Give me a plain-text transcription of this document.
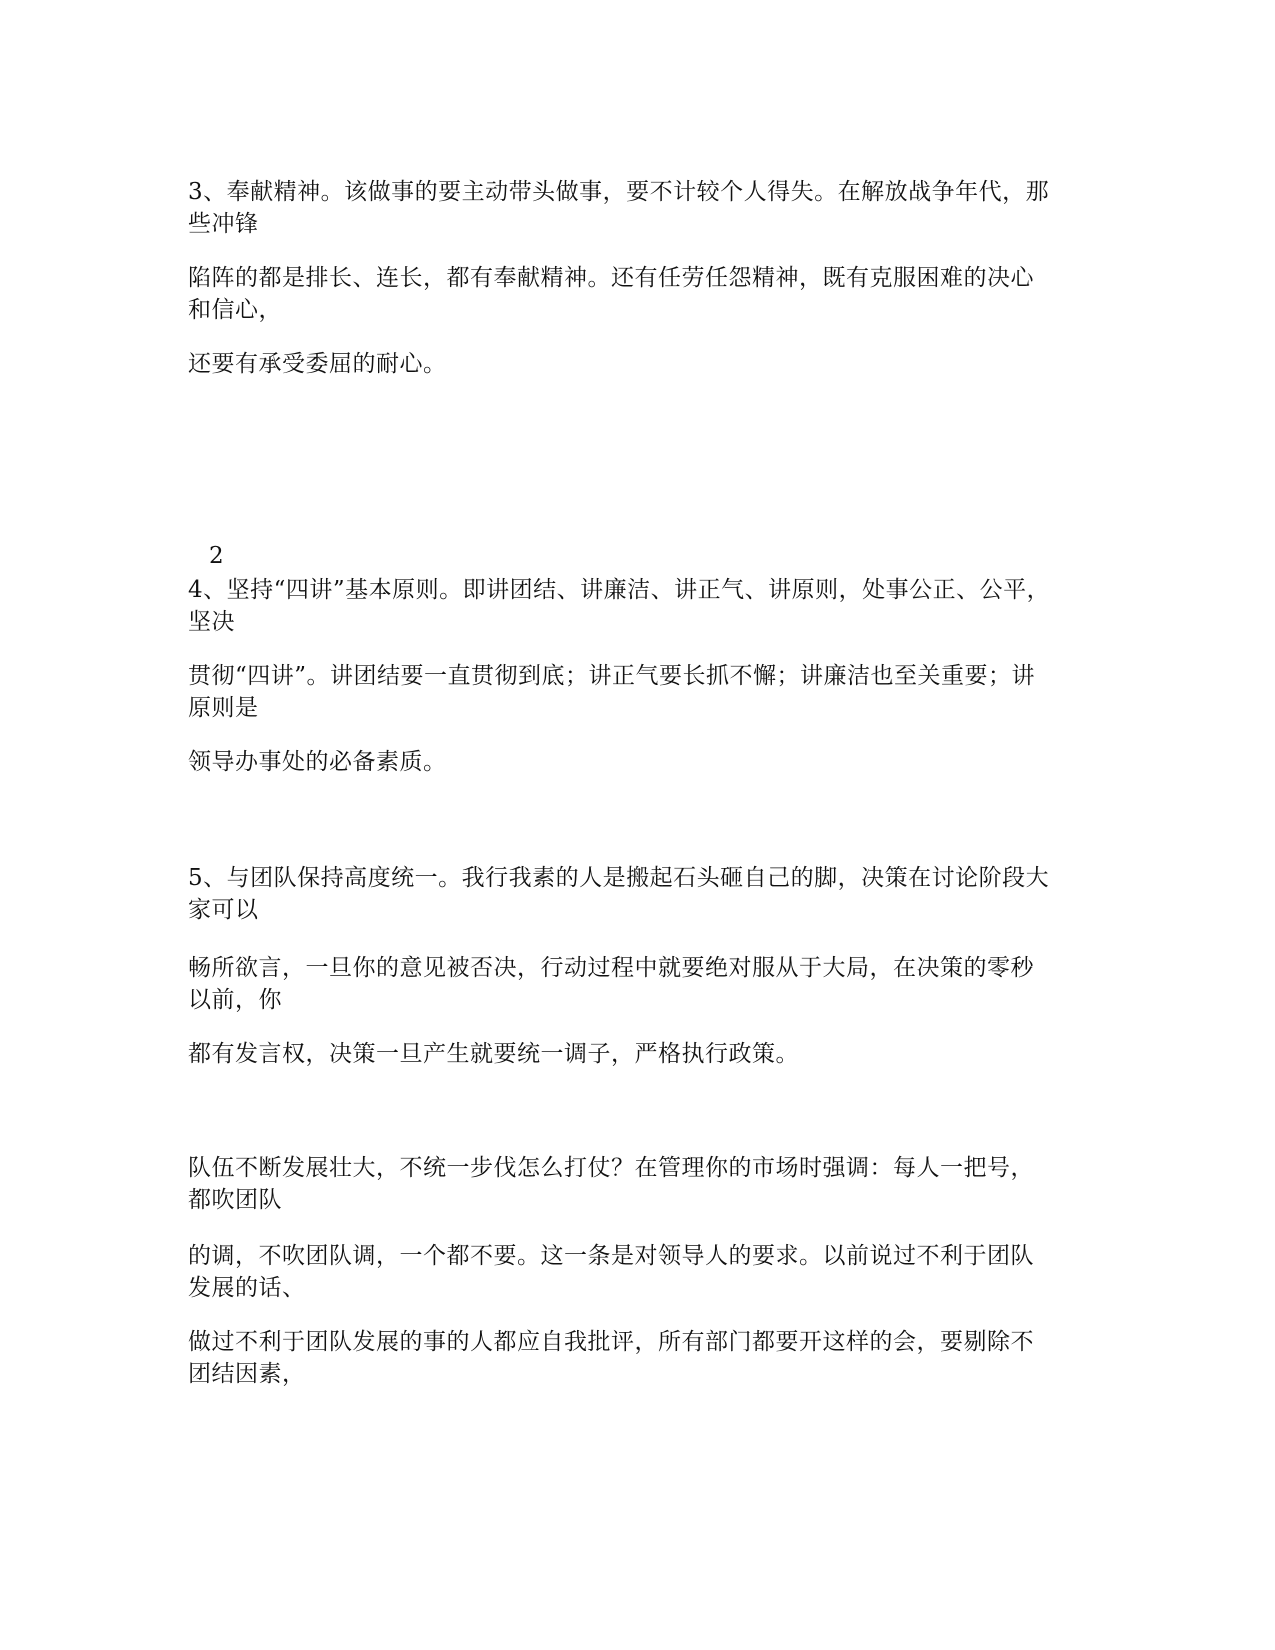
3、奉献精神。该做事的要主动带头做事，要不计较个人得失。在解放战争年代，那
些冲锋

陷阵的都是排长、连长，都有奉献精神。还有任劳任怨精神，既有克服困难的决心
和信心，

还要有承受委屈的耐心。

2

4、坚持“四讲”基本原则。即讲团结、讲廉洁、讲正气、讲原则，处事公正、公平，
坚决

贯彻“四讲”。讲团结要一直贯彻到底；讲正气要长抓不懈；讲廉洁也至关重要；讲
原则是

领导办事处的必备素质。

5、与团队保持高度统一。我行我素的人是搬起石头砸自己的脚，决策在讨论阶段大
家可以

畅所欲言，一旦你的意见被否决，行动过程中就要绝对服从于大局，在决策的零秒
以前，你

都有发言权，决策一旦产生就要统一调子，严格执行政策。

队伍不断发展壮大，不统一步伐怎么打仗？在管理你的市场时强调：每人一把号，
都吹团队

的调，不吹团队调，一个都不要。这一条是对领导人的要求。以前说过不利于团队
发展的话、

做过不利于团队发展的事的人都应自我批评，所有部门都要开这样的会，要剔除不
团结因素，
